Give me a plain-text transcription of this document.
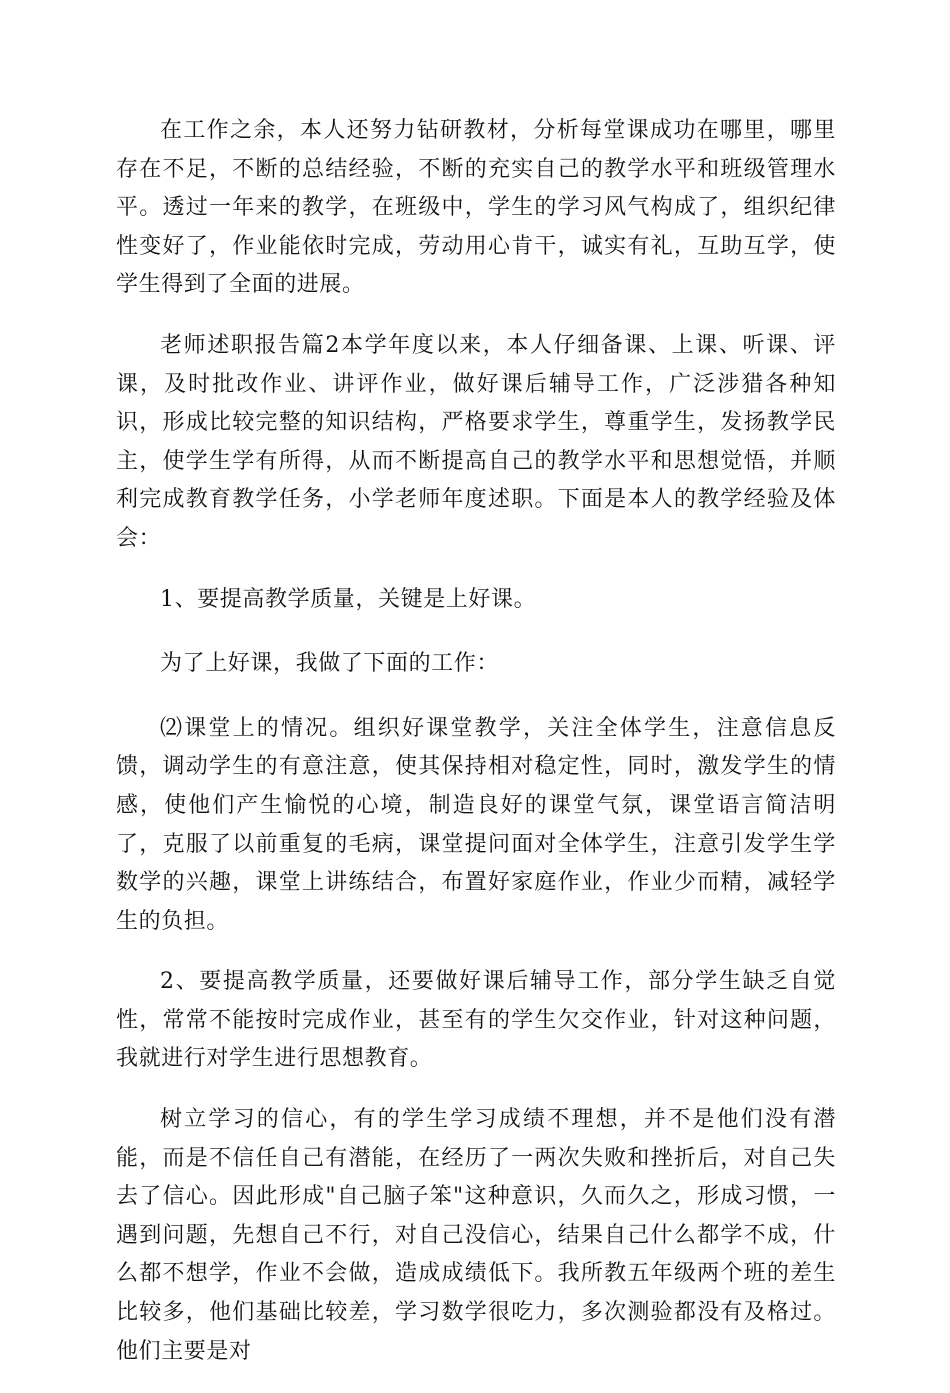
在工作之余，本人还努力钻研教材，分析每堂课成功在哪里，哪里存在不足，不断的总结经验，不断的充实自己的教学水平和班级管理水平。透过一年来的教学，在班级中，学生的学习风气构成了，组织纪律性变好了，作业能依时完成，劳动用心肯干，诚实有礼，互助互学，使学生得到了全面的进展。

老师述职报告篇2本学年度以来，本人仔细备课、上课、听课、评课，及时批改作业、讲评作业，做好课后辅导工作，广泛涉猎各种知识，形成比较完整的知识结构，严格要求学生，尊重学生，发扬教学民主，使学生学有所得，从而不断提高自己的教学水平和思想觉悟，并顺利完成教育教学任务，小学老师年度述职。下面是本人的教学经验及体会：

1、要提高教学质量，关键是上好课。

为了上好课，我做了下面的工作：

⑵课堂上的情况。组织好课堂教学，关注全体学生，注意信息反馈，调动学生的有意注意，使其保持相对稳定性，同时，激发学生的情感，使他们产生愉悦的心境，制造良好的课堂气氛，课堂语言简洁明了，克服了以前重复的毛病，课堂提问面对全体学生，注意引发学生学数学的兴趣，课堂上讲练结合，布置好家庭作业，作业少而精，减轻学生的负担。

2、要提高教学质量，还要做好课后辅导工作，部分学生缺乏自觉性，常常不能按时完成作业，甚至有的学生欠交作业，针对这种问题，我就进行对学生进行思想教育。

树立学习的信心，有的学生学习成绩不理想，并不是他们没有潜能，而是不信任自己有潜能，在经历了一两次失败和挫折后，对自己失去了信心。因此形成"自己脑子笨"这种意识，久而久之，形成习惯，一遇到问题，先想自己不行，对自己没信心，结果自己什么都学不成，什么都不想学，作业不会做，造成成绩低下。我所教五年级两个班的差生比较多，他们基础比较差，学习数学很吃力，多次测验都没有及格过。他们主要是对
